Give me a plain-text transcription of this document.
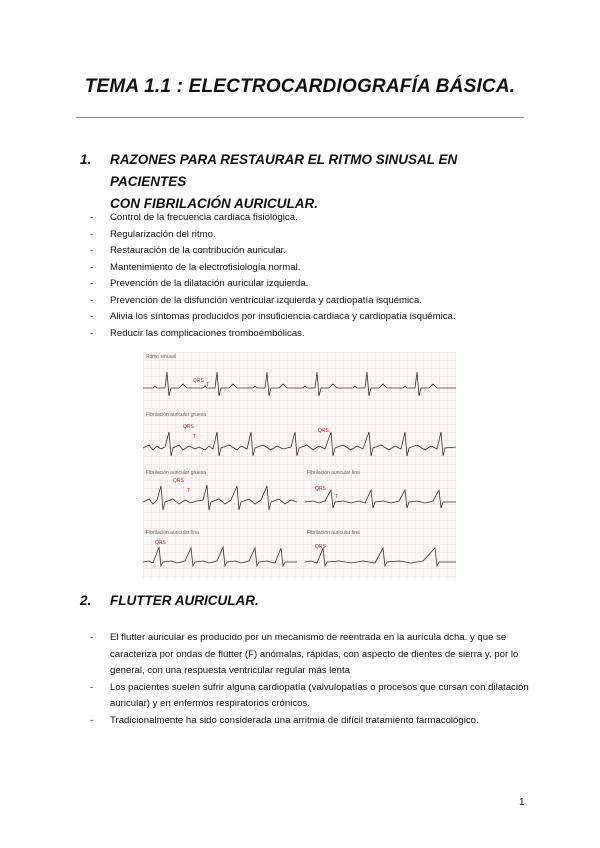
TEMA 1.1 : ELECTROCARDIOGRAFÍA BÁSICA.
1. RAZONES PARA RESTAURAR EL RITMO SINUSAL EN PACIENTES
CON FIBRILACIÓN AURICULAR.
- Control de la frecuencia cardiaca fisiológica.
- Regularización del ritmo.
- Restauración de la contribución auricular.
- Mantenimiento de la electrofisiología normal.
- Prevención de la dilatación auricular izquierda.
- Prevención de la disfunción ventricular izquierda y cardiopatía isquémica.
- Alivia los síntomas producidos por insuficiencia cardiaca y cardiopatía isquémica.
- Reducir las complicaciones tromboembólicas.
Ritmo sinusal
QRS
T
Fibrilación auricular gruesa
QRS
T
QRS
Fibrilación auricular gruesa
QRS
T
Fibrilación auricular fina
QRS
T
Fibrilación auricular fina
QRS
Fibrilación auricular fina
QRS
2. FLUTTER AURICULAR.
- El flutter auricular es producido por un mecanismo de reentrada en la aurícula dcha. y que se caracteriza por ondas de flutter (F) anómalas, rápidas, con aspecto de dientes de sierra y, por lo general, con una respuesta ventricular regular más lenta
- Los pacientes suelen sufrir alguna cardiopatía (valvulopatías o procesos que cursan con dilatación auricular) y en enfermos respiratorios crónicos.
- Tradicionalmente ha sido considerada una arritmia de difícil tratamiento farmacológico.
1
